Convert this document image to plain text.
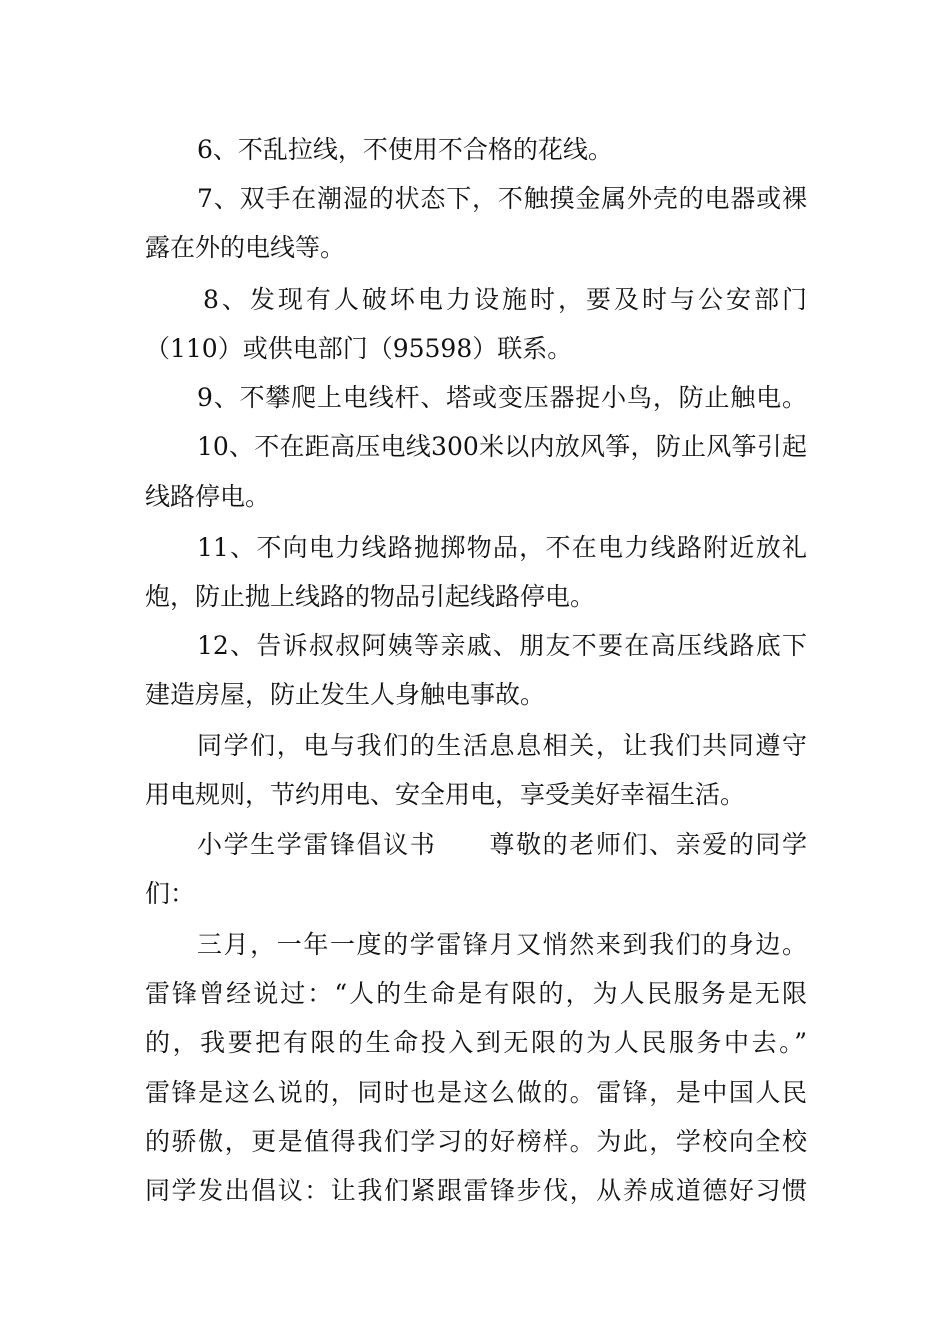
6、不乱拉线，不使用不合格的花线。
7、双手在潮湿的状态下，不触摸金属外壳的电器或裸
露在外的电线等。
8、发现有人破坏电力设施时，要及时与公安部门
（110）或供电部门（95598）联系。
9、不攀爬上电线杆、塔或变压器捉小鸟，防止触电。
10、不在距高压电线300米以内放风筝，防止风筝引起
线路停电。
11、不向电力线路抛掷物品，不在电力线路附近放礼
炮，防止抛上线路的物品引起线路停电。
12、告诉叔叔阿姨等亲戚、朋友不要在高压线路底下
建造房屋，防止发生人身触电事故。
同学们，电与我们的生活息息相关，让我们共同遵守
用电规则，节约用电、安全用电，享受美好幸福生活。
小学生学雷锋倡议书　　尊敬的老师们、亲爱的同学
们：
三月，一年一度的学雷锋月又悄然来到我们的身边。
雷锋曾经说过：“人的生命是有限的，为人民服务是无限
的，我要把有限的生命投入到无限的为人民服务中去。”
雷锋是这么说的，同时也是这么做的。雷锋，是中国人民
的骄傲，更是值得我们学习的好榜样。为此，学校向全校
同学发出倡议：让我们紧跟雷锋步伐，从养成道德好习惯
